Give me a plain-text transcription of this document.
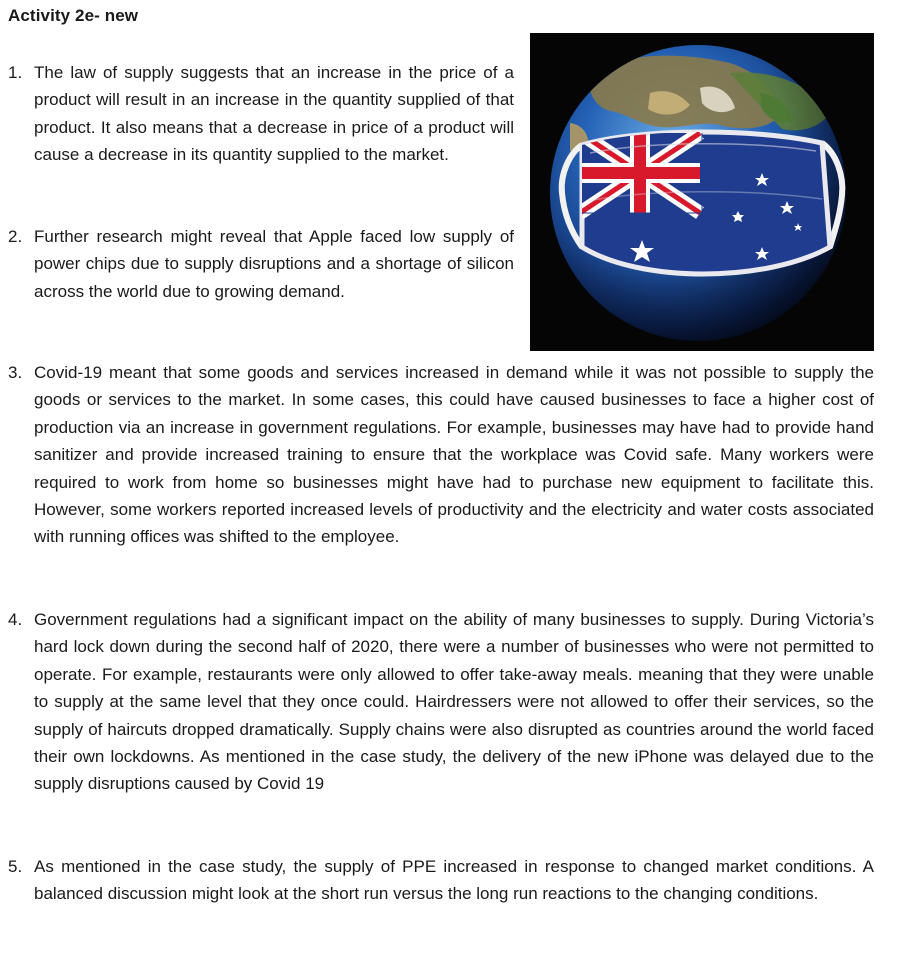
Activity 2e- new
1. The law of supply suggests that an increase in the price of a product will result in an increase in the quantity supplied of that product. It also means that a decrease in price of a product will cause a decrease in its quantity supplied to the market.
2. Further research might reveal that Apple faced low supply of power chips due to supply disruptions and a shortage of silicon across the world due to growing demand.
3. Covid-19 meant that some goods and services increased in demand while it was not possible to supply the goods or services to the market. In some cases, this could have caused businesses to face a higher cost of production via an increase in government regulations. For example, businesses may have had to provide hand sanitizer and provide increased training to ensure that the workplace was Covid safe. Many workers were required to work from home so businesses might have had to purchase new equipment to facilitate this. However, some workers reported increased levels of productivity and the electricity and water costs associated with running offices was shifted to the employee.
4. Government regulations had a significant impact on the ability of many businesses to supply. During Victoria’s hard lock down during the second half of 2020, there were a number of businesses who were not permitted to operate. For example, restaurants were only allowed to offer take-away meals. meaning that they were unable to supply at the same level that they once could. Hairdressers were not allowed to offer their services, so the supply of haircuts dropped dramatically. Supply chains were also disrupted as countries around the world faced their own lockdowns. As mentioned in the case study, the delivery of the new iPhone was delayed due to the supply disruptions caused by Covid 19
5. As mentioned in the case study, the supply of PPE increased in response to changed market conditions. A balanced discussion might look at the short run versus the long run reactions to the changing conditions.
